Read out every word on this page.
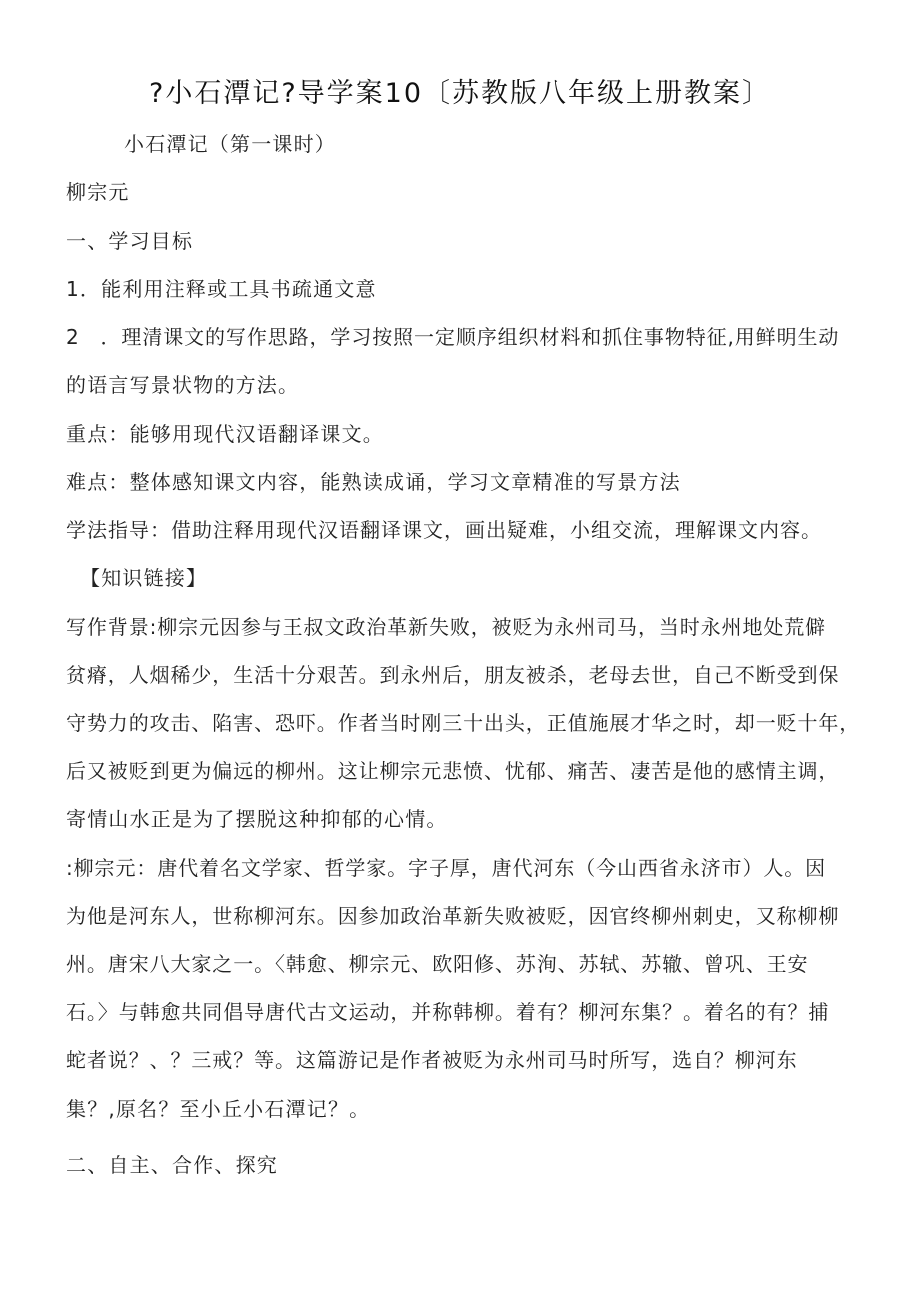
?小石潭记?导学案10〔苏教版八年级上册教案〕
小石潭记（第一课时）
柳宗元
一、学习目标
1．能利用注释或工具书疏通文意
2　．理清课文的写作思路，学习按照一定顺序组织材料和抓住事物特征,用鲜明生动
的语言写景状物的方法。
重点：能够用现代汉语翻译课文。
难点：整体感知课文内容，能熟读成诵，学习文章精准的写景方法
学法指导：借助注释用现代汉语翻译课文，画出疑难，小组交流，理解课文内容。
【知识链接】
写作背景:柳宗元因参与王叔文政治革新失败，被贬为永州司马，当时永州地处荒僻
贫瘠，人烟稀少，生活十分艰苦。到永州后，朋友被杀，老母去世，自己不断受到保
守势力的攻击、陷害、恐吓。作者当时刚三十出头，正值施展才华之时，却一贬十年，
后又被贬到更为偏远的柳州。这让柳宗元悲愤、忧郁、痛苦、凄苦是他的感情主调，
寄情山水正是为了摆脱这种抑郁的心情。
:柳宗元：唐代着名文学家、哲学家。字子厚，唐代河东（今山西省永济市）人。因
为他是河东人，世称柳河东。因参加政治革新失败被贬，因官终柳州刺史，又称柳柳
州。唐宋八大家之一。〈韩愈、柳宗元、欧阳修、苏洵、苏轼、苏辙、曾巩、王安
石。〉与韩愈共同倡导唐代古文运动，并称韩柳。着有？柳河东集？。着名的有？捕
蛇者说？、？三戒？等。这篇游记是作者被贬为永州司马时所写，选自？柳河东
集？,原名？至小丘小石潭记？。
二、自主、合作、探究
